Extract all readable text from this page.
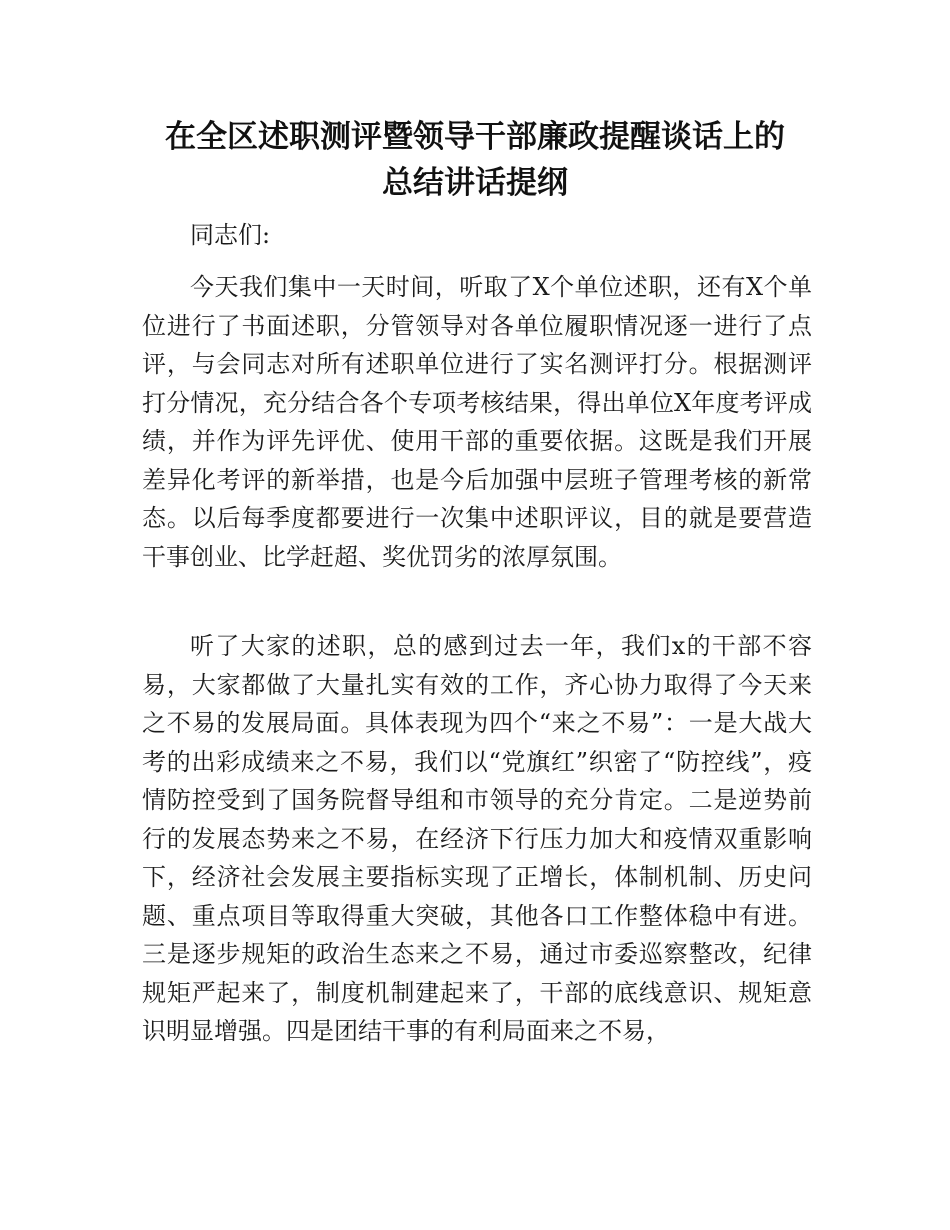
在全区述职测评暨领导干部廉政提醒谈话上的
总结讲话提纲

同志们:

今天我们集中一天时间，听取了X个单位述职，还有X个单位进行了书面述职，分管领导对各单位履职情况逐一进行了点评，与会同志对所有述职单位进行了实名测评打分。根据测评打分情况，充分结合各个专项考核结果，得出单位X年度考评成绩，并作为评先评优、使用干部的重要依据。这既是我们开展差异化考评的新举措，也是今后加强中层班子管理考核的新常态。以后每季度都要进行一次集中述职评议，目的就是要营造干事创业、比学赶超、奖优罚劣的浓厚氛围。

听了大家的述职，总的感到过去一年，我们x的干部不容易，大家都做了大量扎实有效的工作，齐心协力取得了今天来之不易的发展局面。具体表现为四个“来之不易”：一是大战大考的出彩成绩来之不易，我们以“党旗红”织密了“防控线”，疫情防控受到了国务院督导组和市领导的充分肯定。二是逆势前行的发展态势来之不易，在经济下行压力加大和疫情双重影响下，经济社会发展主要指标实现了正增长，体制机制、历史问题、重点项目等取得重大突破，其他各口工作整体稳中有进。三是逐步规矩的政治生态来之不易，通过市委巡察整改，纪律规矩严起来了，制度机制建起来了，干部的底线意识、规矩意识明显增强。四是团结干事的有利局面来之不易，
